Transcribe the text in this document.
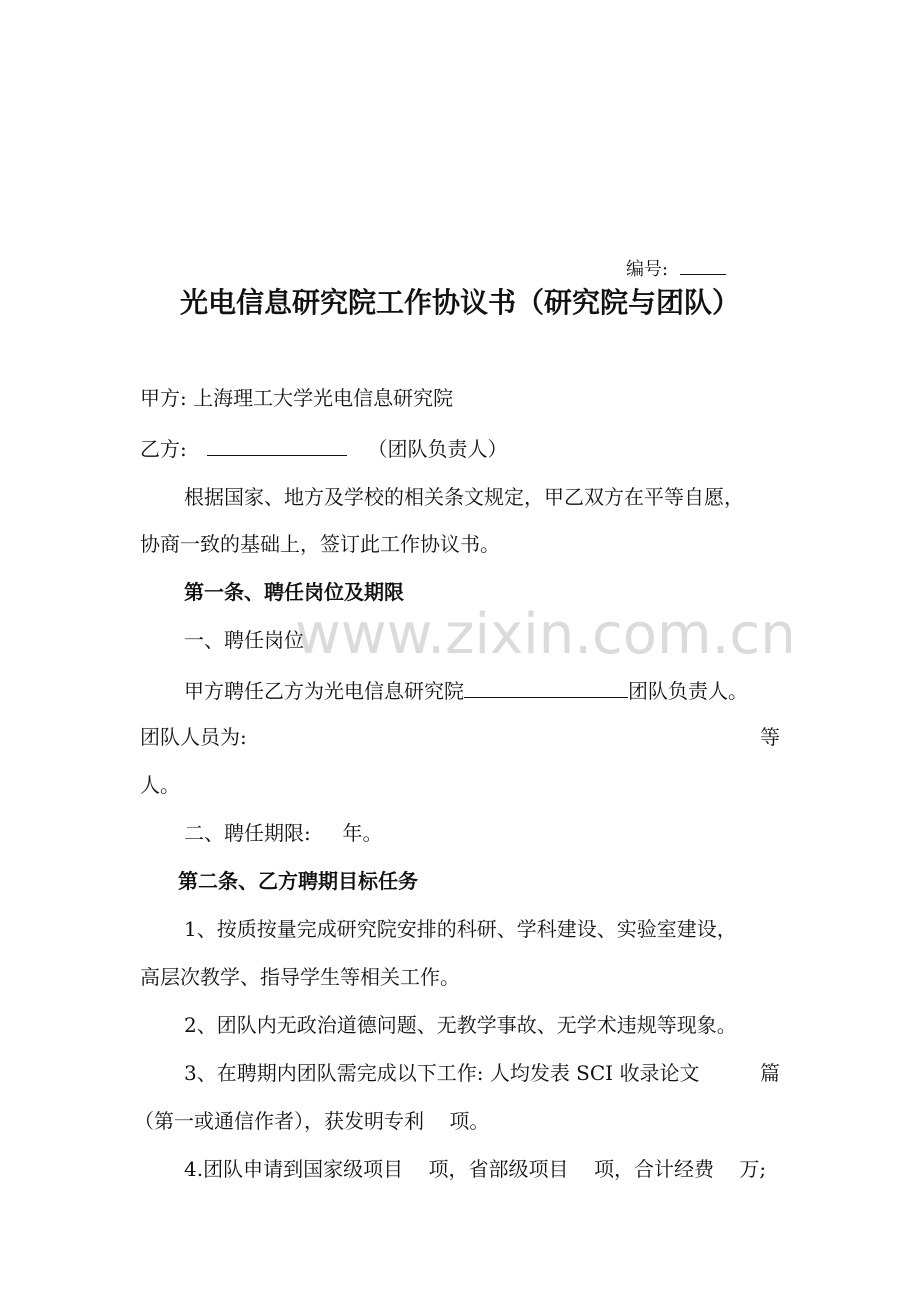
www.zixin.com.cn
编号:
光电信息研究院工作协议书（研究院与团队）
甲方: 上海理工大学光电信息研究院
乙方:	（团队负责人）
根据国家、地方及学校的相关条文规定，甲乙双方在平等自愿，
协商一致的基础上，签订此工作协议书。
第一条、聘任岗位及期限
一、聘任岗位
甲方聘任乙方为光电信息研究院	团队负责人。
团队人员为:	等
人。
二、聘任期限:     年。
第二条、乙方聘期目标任务
1、按质按量完成研究院安排的科研、学科建设、实验室建设，
高层次教学、指导学生等相关工作。
2、团队内无政治道德问题、无教学事故、无学术违规等现象。
3、在聘期内团队需完成以下工作: 人均发表 SCI 收录论文	篇
（第一或通信作者），获发明专利    项。
4.团队申请到国家级项目    项，省部级项目    项，合计经费    万;
